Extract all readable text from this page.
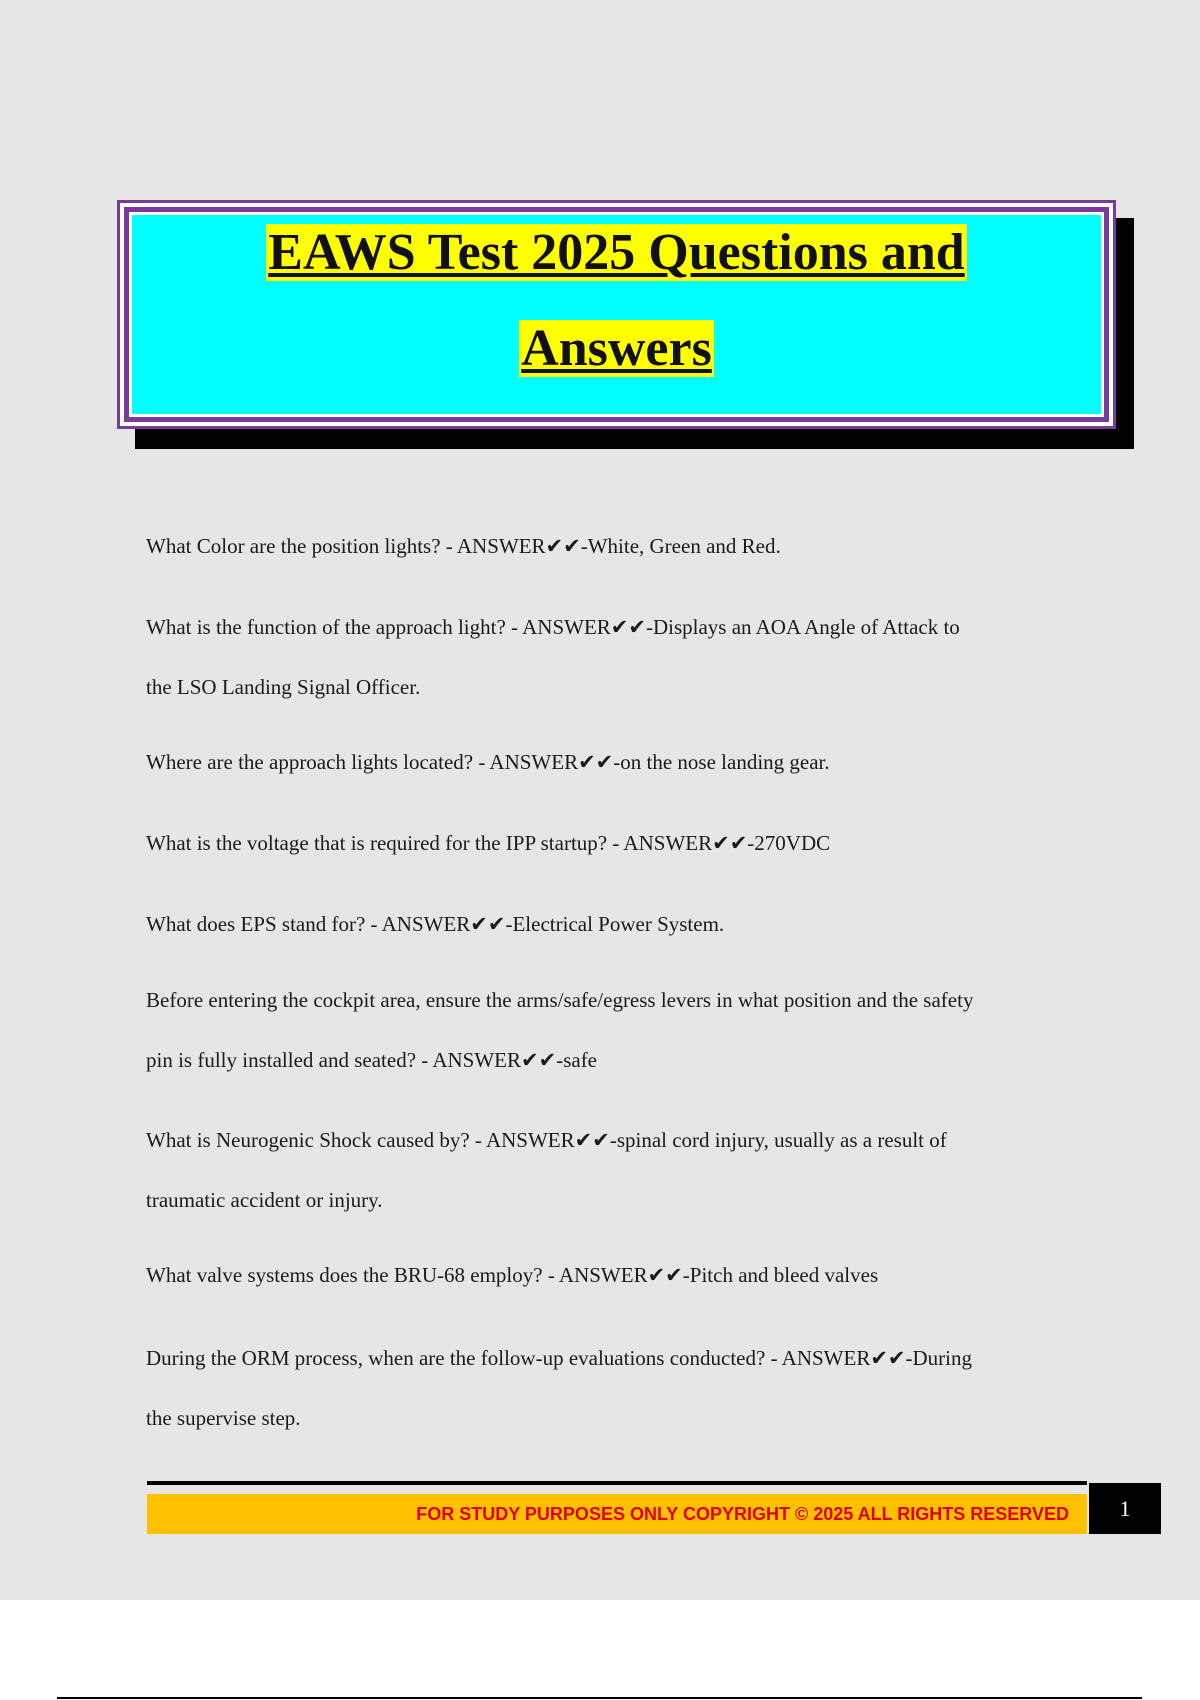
EAWS Test 2025 Questions and
Answers
What Color are the position lights? - ANSWER✔✔-White, Green and Red.
What is the function of the approach light? - ANSWER✔✔-Displays an AOA Angle of Attack to
the LSO Landing Signal Officer.
Where are the approach lights located? - ANSWER✔✔-on the nose landing gear.
What is the voltage that is required for the IPP startup? - ANSWER✔✔-270VDC
What does EPS stand for? - ANSWER✔✔-Electrical Power System.
Before entering the cockpit area, ensure the arms/safe/egress levers in what position and the safety
pin is fully installed and seated? - ANSWER✔✔-safe
What is Neurogenic Shock caused by? - ANSWER✔✔-spinal cord injury, usually as a result of
traumatic accident or injury.
What valve systems does the BRU-68 employ? - ANSWER✔✔-Pitch and bleed valves
During the ORM process, when are the follow-up evaluations conducted? - ANSWER✔✔-During
the supervise step.
FOR STUDY PURPOSES ONLY COPYRIGHT © 2025 ALL RIGHTS RESERVED	1
